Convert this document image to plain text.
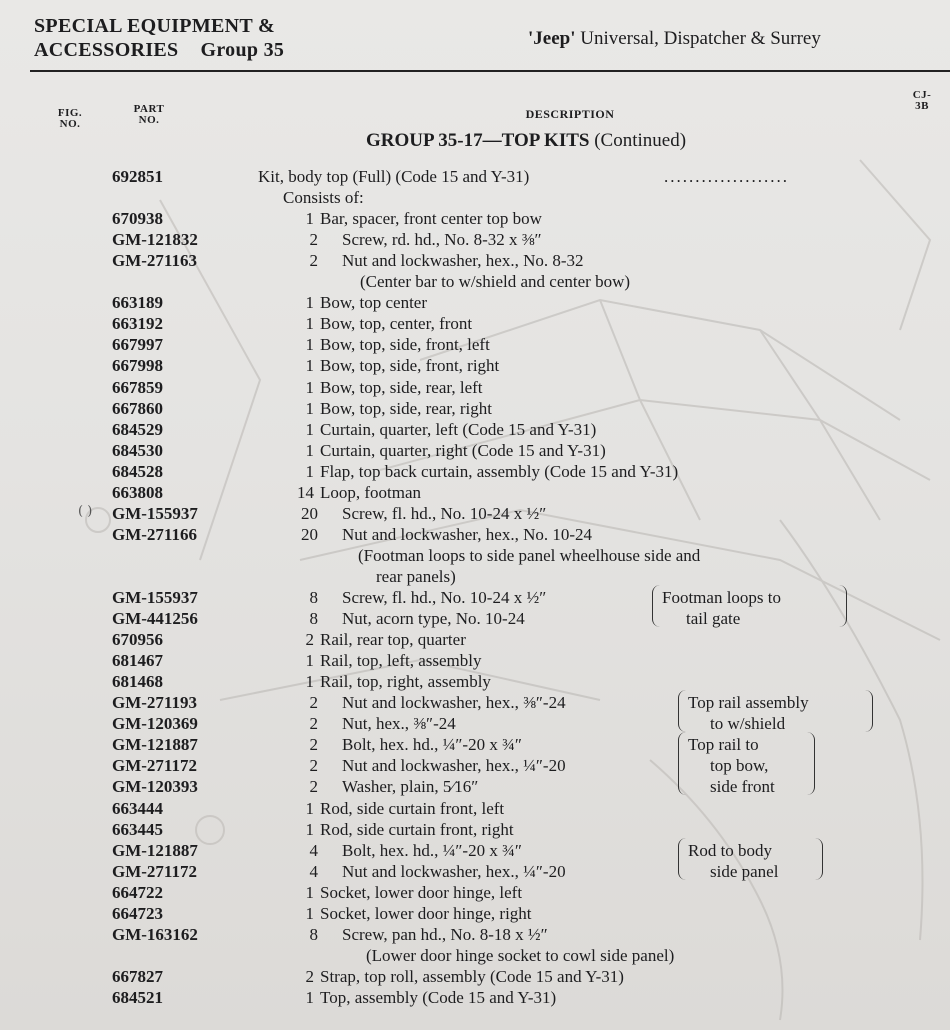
SPECIAL EQUIPMENT &
ACCESSORIES Group 35
'Jeep' Universal, Dispatcher & Surrey
FIG.
NO.
PART
NO.	DESCRIPTION
CJ-
3B
GROUP 35-17—TOP KITS (Continued)
692851	Kit, body top (Full) (Code 15 and Y-31)	....................
Consists of:
670938	1 Bar, spacer, front center top bow
GM-121832	2 Screw, rd. hd., No. 8-32 x ⅜″
GM-271163	2 Nut and lockwasher, hex., No. 8-32
(Center bar to w/shield and center bow)
663189	1 Bow, top center
663192	1 Bow, top, center, front
667997	1 Bow, top, side, front, left
667998	1 Bow, top, side, front, right
667859	1 Bow, top, side, rear, left
667860	1 Bow, top, side, rear, right
684529	1 Curtain, quarter, left (Code 15 and Y-31)
684530	1 Curtain, quarter, right (Code 15 and Y-31)
684528	1 Flap, top back curtain, assembly (Code 15 and Y-31)
663808	14 Loop, footman
GM-155937	20 Screw, fl. hd., No. 10-24 x ½″
GM-271166	20 Nut and lockwasher, hex., No. 10-24
(Footman loops to side panel wheelhouse side and
rear panels)
GM-155937	8 Screw, fl. hd., No. 10-24 x ½″	Footman loops to
GM-441256	8 Nut, acorn type, No. 10-24	tail gate
670956	2 Rail, rear top, quarter
681467	1 Rail, top, left, assembly
681468	1 Rail, top, right, assembly
GM-271193	2 Nut and lockwasher, hex., ⅜″-24	Top rail assembly
GM-120369	2 Nut, hex., ⅜″-24	to w/shield
GM-121887	2 Bolt, hex. hd., ¼″-20 x ¾″	Top rail to
GM-271172	2 Nut and lockwasher, hex., ¼″-20	top bow,
GM-120393	2 Washer, plain, 5⁄16″	side front
663444	1 Rod, side curtain front, left
663445	1 Rod, side curtain front, right
GM-121887	4 Bolt, hex. hd., ¼″-20 x ¾″	Rod to body
GM-271172	4 Nut and lockwasher, hex., ¼″-20	side panel
664722	1 Socket, lower door hinge, left
664723	1 Socket, lower door hinge, right
GM-163162	8 Screw, pan hd., No. 8-18 x ½″
(Lower door hinge socket to cowl side panel)
667827	2 Strap, top roll, assembly (Code 15 and Y-31)
684521	1 Top, assembly (Code 15 and Y-31)
( )
